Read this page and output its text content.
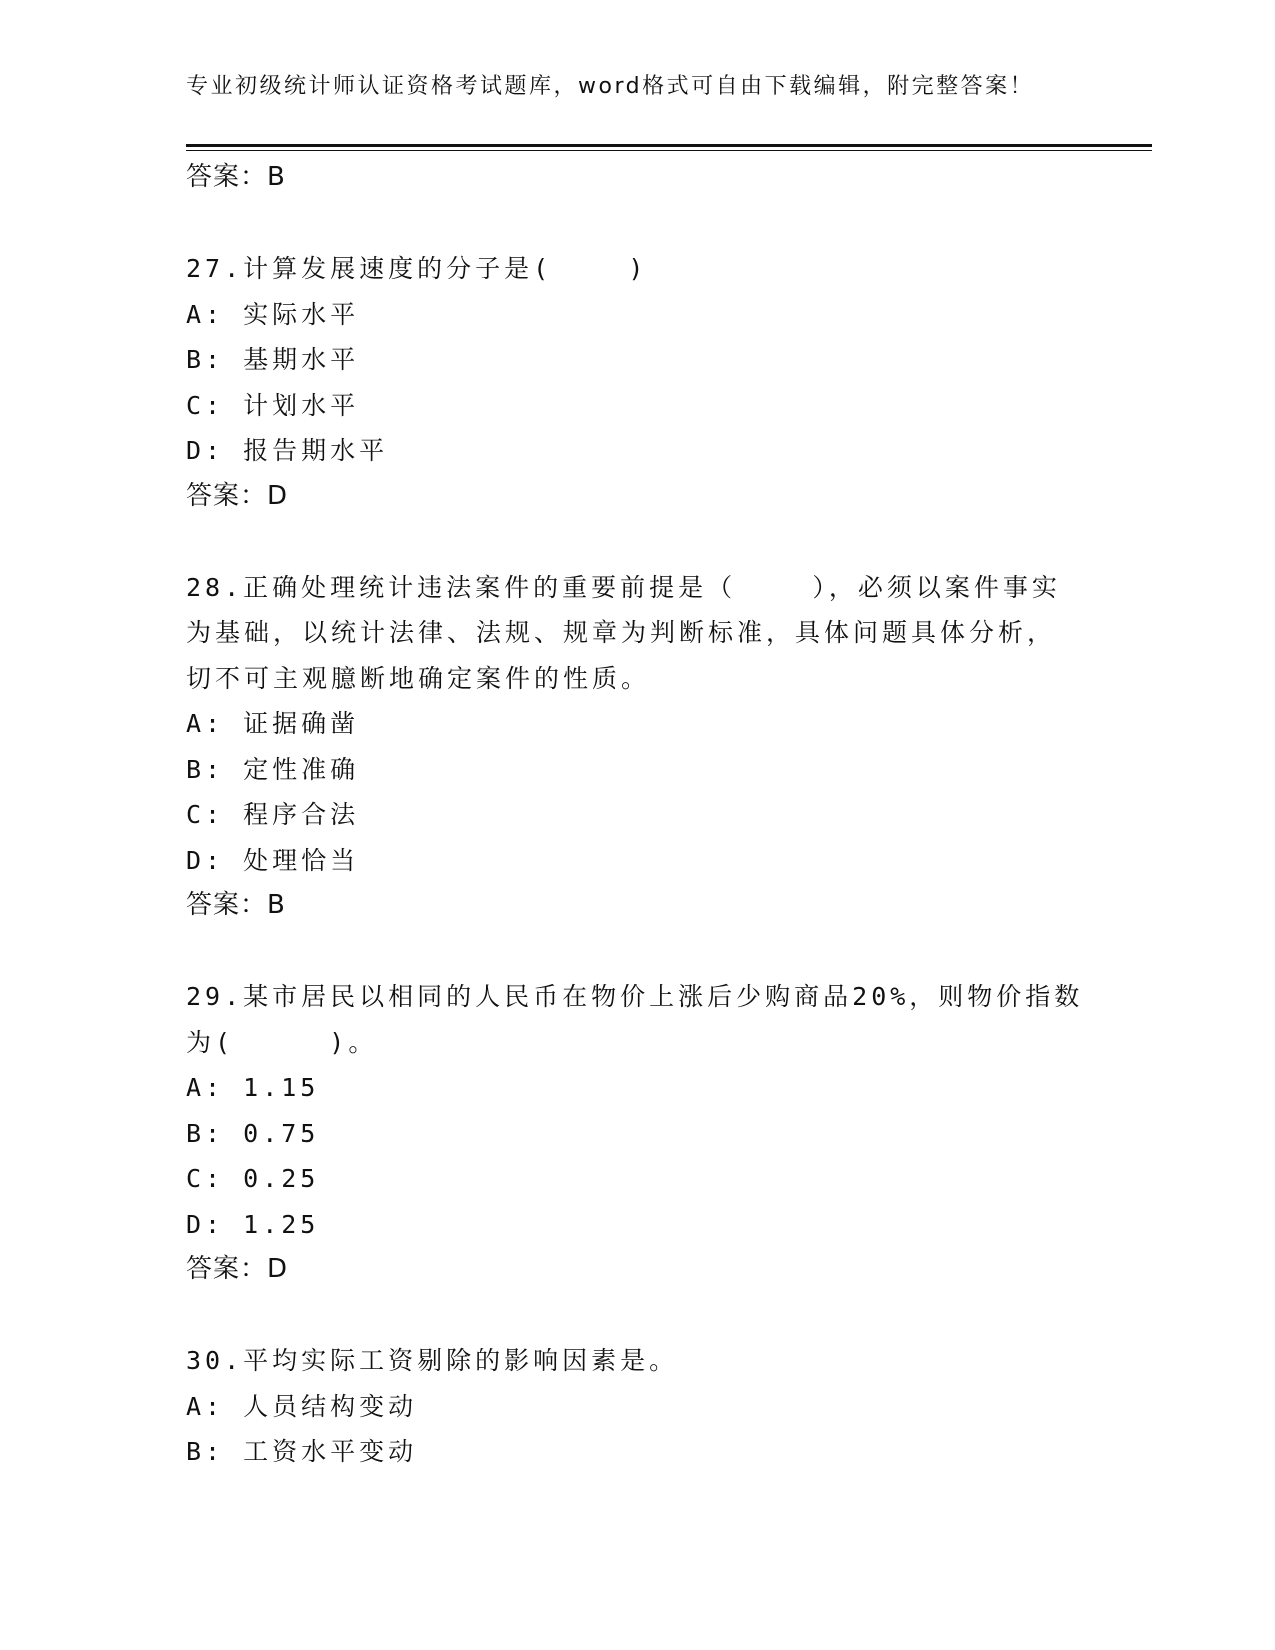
专业初级统计师认证资格考试题库，word格式可自由下载编辑，附完整答案！
答案：B
27.计算发展速度的分子是(    )
A: 实际水平
B: 基期水平
C: 计划水平
D: 报告期水平
答案：D
28.正确处理统计违法案件的重要前提是（    ），必须以案件事实
为基础，以统计法律、法规、规章为判断标准，具体问题具体分析，
切不可主观臆断地确定案件的性质。
A: 证据确凿
B: 定性准确
C: 程序合法
D: 处理恰当
答案：B
29.某市居民以相同的人民币在物价上涨后少购商品20%，则物价指数
为(     )。
A: 1.15
B: 0.75
C: 0.25
D: 1.25
答案：D
30.平均实际工资剔除的影响因素是。
A: 人员结构变动
B: 工资水平变动
